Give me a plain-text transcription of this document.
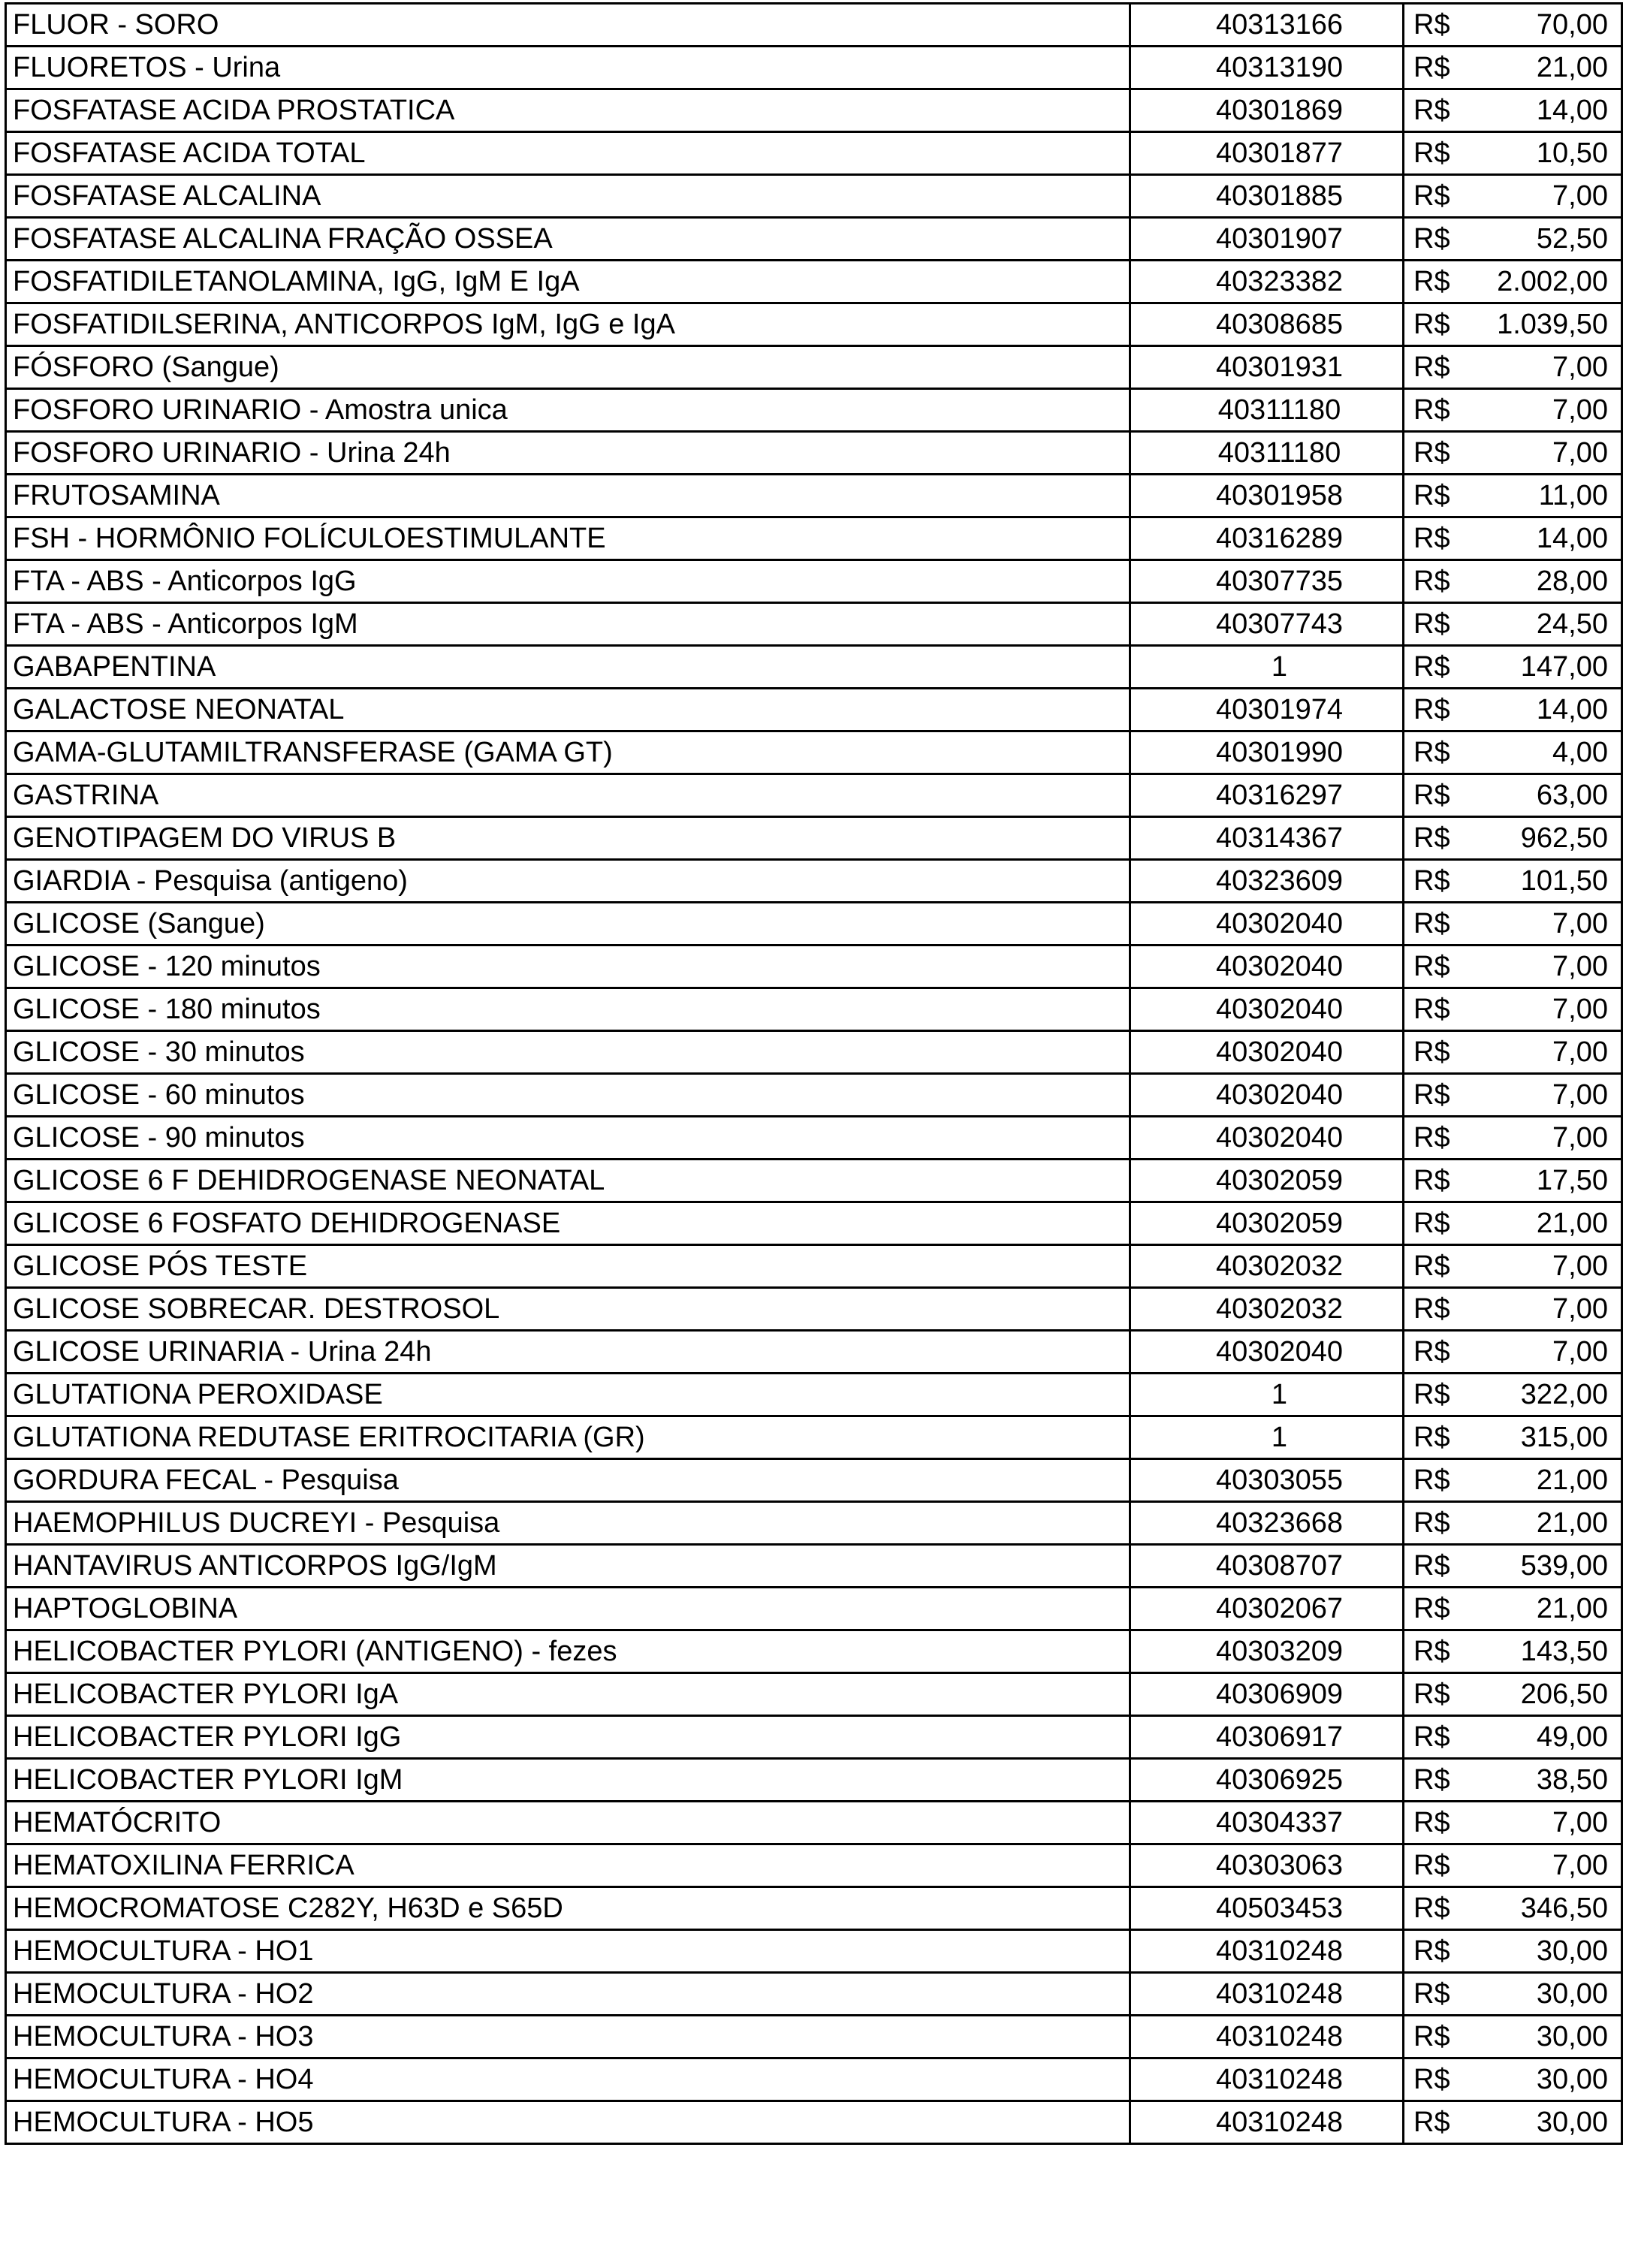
FLUOR - SORO	40313166	R$ 70,00

FLUORETOS - Urina	40313190	R$ 21,00

FOSFATASE ACIDA PROSTATICA	40301869	R$ 14,00

FOSFATASE ACIDA TOTAL	40301877	R$ 10,50

FOSFATASE ALCALINA	40301885	R$ 7,00

FOSFATASE ALCALINA FRAÇÃO OSSEA	40301907	R$ 52,50

FOSFATIDILETANOLAMINA, IgG, IgM E IgA	40323382	R$ 2.002,00

FOSFATIDILSERINA, ANTICORPOS IgM, IgG e IgA	40308685	R$ 1.039,50

FÓSFORO (Sangue)	40301931	R$ 7,00

FOSFORO URINARIO - Amostra unica	40311180	R$ 7,00

FOSFORO URINARIO - Urina 24h	40311180	R$ 7,00

FRUTOSAMINA	40301958	R$ 11,00

FSH - HORMÔNIO FOLÍCULOESTIMULANTE	40316289	R$ 14,00

FTA - ABS - Anticorpos IgG	40307735	R$ 28,00

FTA - ABS - Anticorpos IgM	40307743	R$ 24,50

GABAPENTINA	1	R$ 147,00

GALACTOSE NEONATAL	40301974	R$ 14,00

GAMA-GLUTAMILTRANSFERASE (GAMA GT)	40301990	R$ 4,00

GASTRINA	40316297	R$ 63,00

GENOTIPAGEM DO VIRUS B	40314367	R$ 962,50

GIARDIA - Pesquisa (antigeno)	40323609	R$ 101,50

GLICOSE (Sangue)	40302040	R$ 7,00

GLICOSE - 120 minutos	40302040	R$ 7,00

GLICOSE - 180 minutos	40302040	R$ 7,00

GLICOSE - 30 minutos	40302040	R$ 7,00

GLICOSE - 60 minutos	40302040	R$ 7,00

GLICOSE - 90 minutos	40302040	R$ 7,00

GLICOSE 6 F DEHIDROGENASE NEONATAL	40302059	R$ 17,50

GLICOSE 6 FOSFATO DEHIDROGENASE	40302059	R$ 21,00

GLICOSE PÓS TESTE	40302032	R$ 7,00

GLICOSE SOBRECAR. DESTROSOL	40302032	R$ 7,00

GLICOSE URINARIA - Urina 24h	40302040	R$ 7,00

GLUTATIONA PEROXIDASE	1	R$ 322,00

GLUTATIONA REDUTASE ERITROCITARIA (GR)	1	R$ 315,00

GORDURA FECAL - Pesquisa	40303055	R$ 21,00

HAEMOPHILUS DUCREYI - Pesquisa	40323668	R$ 21,00

HANTAVIRUS ANTICORPOS IgG/IgM	40308707	R$ 539,00

HAPTOGLOBINA	40302067	R$ 21,00

HELICOBACTER PYLORI (ANTIGENO) - fezes	40303209	R$ 143,50

HELICOBACTER PYLORI IgA	40306909	R$ 206,50

HELICOBACTER PYLORI IgG	40306917	R$ 49,00

HELICOBACTER PYLORI IgM	40306925	R$ 38,50

HEMATÓCRITO	40304337	R$ 7,00

HEMATOXILINA FERRICA	40303063	R$ 7,00

HEMOCROMATOSE C282Y, H63D e S65D	40503453	R$ 346,50

HEMOCULTURA - HO1	40310248	R$ 30,00

HEMOCULTURA - HO2	40310248	R$ 30,00

HEMOCULTURA - HO3	40310248	R$ 30,00

HEMOCULTURA - HO4	40310248	R$ 30,00

HEMOCULTURA - HO5	40310248	R$ 30,00
